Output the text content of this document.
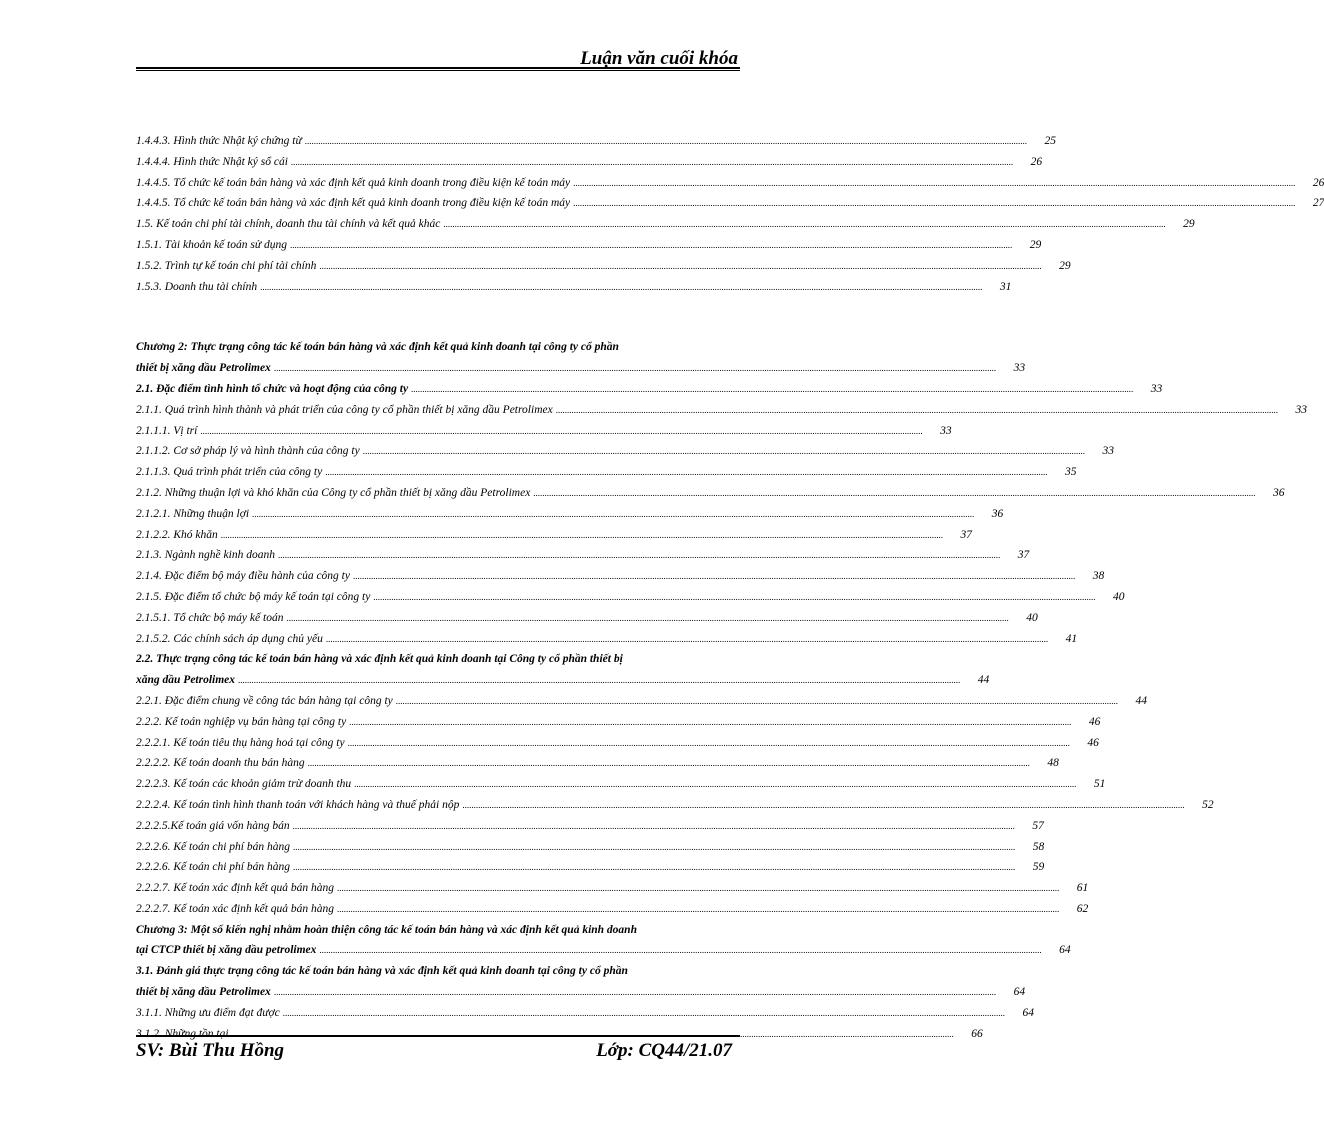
Luận văn cuối khóa
1.4.4.3. Hình thức Nhật ký chứng từ .....	25
1.4.4.4. Hình thức Nhật ký sổ cái .....	26
1.4.4.5. Tổ chức kế toán bán hàng và xác định kết quả kinh doanh trong điều kiện kế toán máy .....	26
1.4.4.5. Tổ chức kế toán bán hàng và xác định kết quả kinh doanh trong điều kiện kế toán máy .....	27
1.5. Kế toán chi phí tài chính, doanh thu tài chính và kết quả khác .....	29
1.5.1. Tài khoản kế toán sử dụng .....	29
1.5.2. Trình tự kế toán chi phí tài chính .....	29
1.5.3. Doanh thu tài chính .....	31
Chương 2: Thực trạng công tác kế toán bán hàng và xác định kết quả kinh doanh tại công ty cổ phần
thiết bị xăng dầu Petrolimex .....	33
2.1. Đặc điểm tình hình tổ chức và hoạt động của công ty .....	33
2.1.1. Quá trình hình thành và phát triển của công ty cổ phần thiết bị xăng dầu Petrolimex .....	33
2.1.1.1. Vị trí .....	33
2.1.1.2. Cơ sở pháp lý và hình thành của công ty .....	33
2.1.1.3. Quá trình phát triển của công ty .....	35
2.1.2. Những thuận lợi và khó khăn của Công ty cổ phần thiết bị xăng dầu Petrolimex .....	36
2.1.2.1. Những thuận lợi .....	36
2.1.2.2. Khó khăn .....	37
2.1.3. Ngành nghề kinh doanh .....	37
2.1.4. Đặc điểm bộ máy điều hành của công ty .....	38
2.1.5. Đặc điểm tổ chức bộ máy kế toán tại công ty .....	40
2.1.5.1. Tổ chức bộ máy kế toán .....	40
2.1.5.2. Các chính sách áp dụng chủ yếu .....	41
2.2. Thực trạng công tác kế toán bán hàng và xác định kết quả kinh doanh tại Công ty cổ phần thiết bị
xăng dầu Petrolimex .....	44
2.2.1. Đặc điểm chung về công tác bán hàng tại công ty .....	44
2.2.2. Kế toán nghiệp vụ bán hàng tại công ty .....	46
2.2.2.1. Kế toán tiêu thụ hàng hoá tại công ty .....	46
2.2.2.2. Kế toán doanh thu bán hàng .....	48
2.2.2.3. Kế toán các khoản giảm trừ doanh thu .....	51
2.2.2.4. Kế toán tình hình thanh toán với khách hàng và thuế phải nộp .....	52
2.2.2.5.Kế toán giá vốn hàng bán .....	57
2.2.2.6. Kế toán chi phí bán hàng .....	58
2.2.2.6. Kế toán chi phí bán hàng .....	59
2.2.2.7. Kế toán xác định kết quả bán hàng .....	61
2.2.2.7. Kế toán xác định kết quả bán hàng .....	62
Chương 3: Một số kiến nghị nhằm hoàn thiện công tác kế toán bán hàng và xác định kết quả kinh doanh
tại CTCP thiết bị xăng dầu petrolimex .....	64
3.1. Đánh giá thực trạng công tác kế toán bán hàng và xác định kết quả kinh doanh tại công ty cổ phần
thiết bị xăng dầu Petrolimex .....	64
3.1.1. Những ưu điểm đạt được .....	64
3.1.2. Những tồn tại .....	66
SV: Bùi Thu Hồng	Lớp: CQ44/21.07
